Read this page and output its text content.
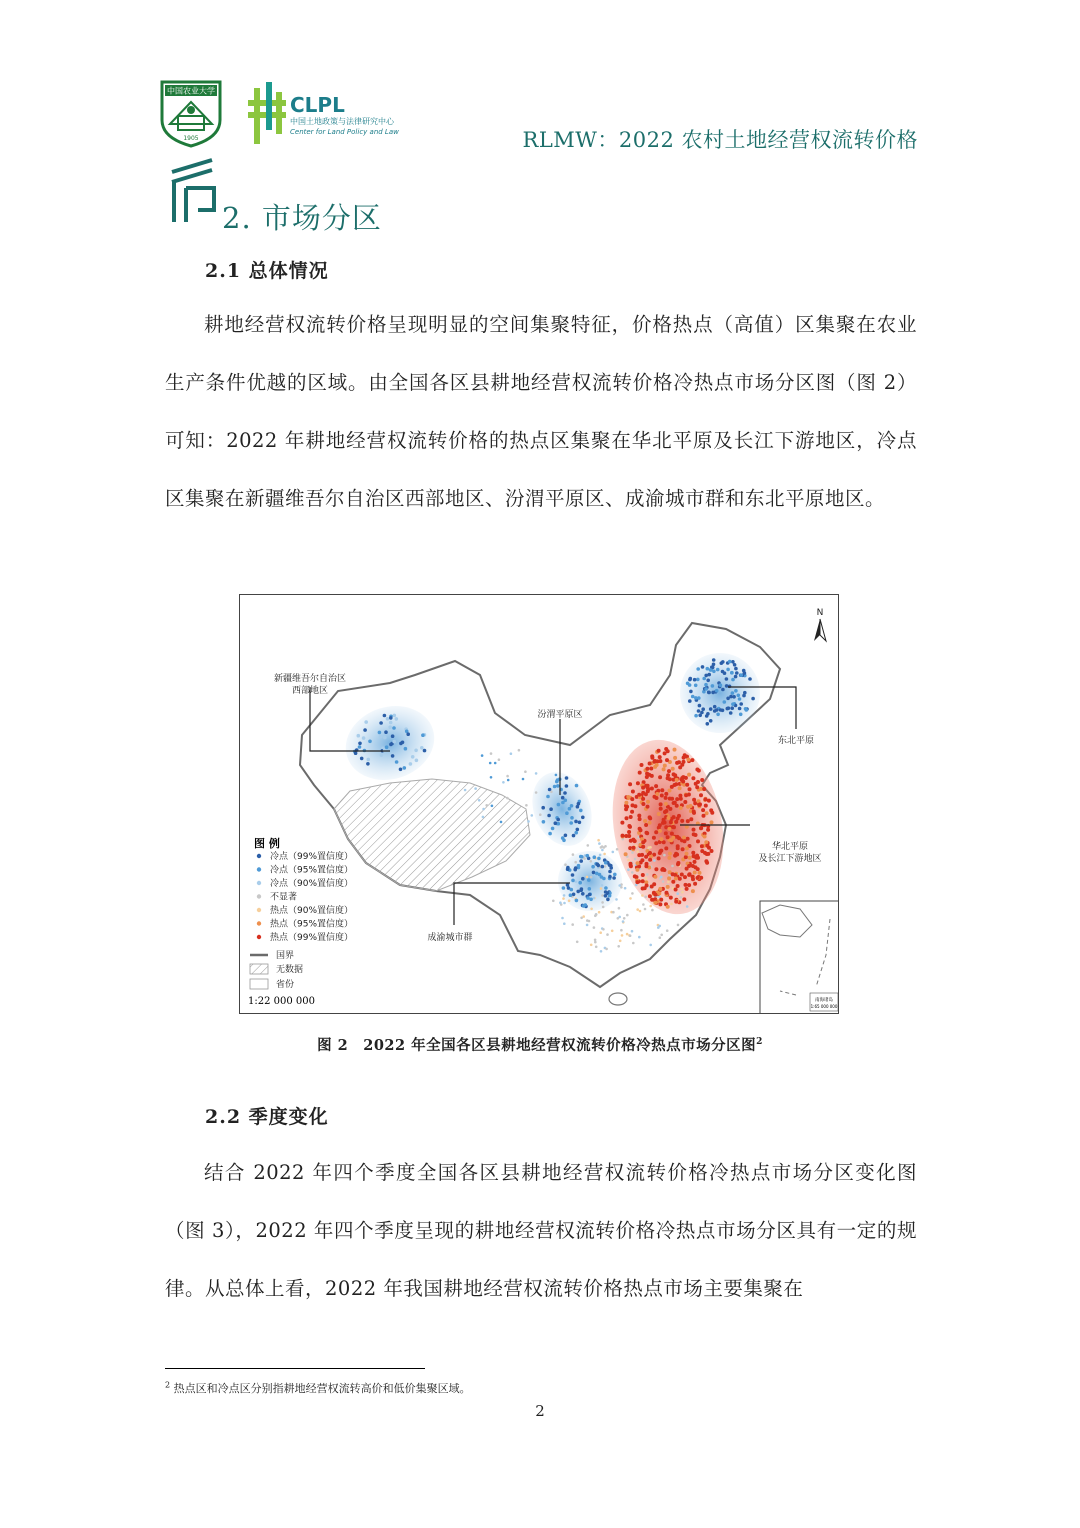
中国农业大学
1905
CLPL
中国土地政策与法律研究中心
Center for Land Policy and Law	RLMW：2022 农村土地经营权流转价格
2. 市场分区
2.1 总体情况
耕地经营权流转价格呈现明显的空间集聚特征，价格热点（高值）区集聚在农业生产条件优越的区域。由全国各区县耕地经营权流转价格冷热点市场分区图（图 2）可知：2022 年耕地经营权流转价格的热点区集聚在华北平原及长江下游地区，冷点区集聚在新疆维吾尔自治区西部地区、汾渭平原区、成渝城市群和东北平原地区。
新疆维吾尔自治区
西部地区
汾渭平原区
东北平原
华北平原
及长江下游地区
成渝城市群
N
图 例
冷点（99%置信度）
冷点（95%置信度）
冷点（90%置信度）
不显著
热点（90%置信度）
热点（95%置信度）
热点（99%置信度）
国界
无数据
省份
1:22 000 000	南海诸岛
1:65 000 000
图 2　2022 年全国各区县耕地经营权流转价格冷热点市场分区图$^2$
2.2 季度变化
结合 2022 年四个季度全国各区县耕地经营权流转价格冷热点市场分区变化图（图 3），2022 年四个季度呈现的耕地经营权流转价格冷热点市场分区具有一定的规律。从总体上看，2022 年我国耕地经营权流转价格热点市场主要集聚在
$^2$ 热点区和冷点区分别指耕地经营权流转高价和低价集聚区域。
2
